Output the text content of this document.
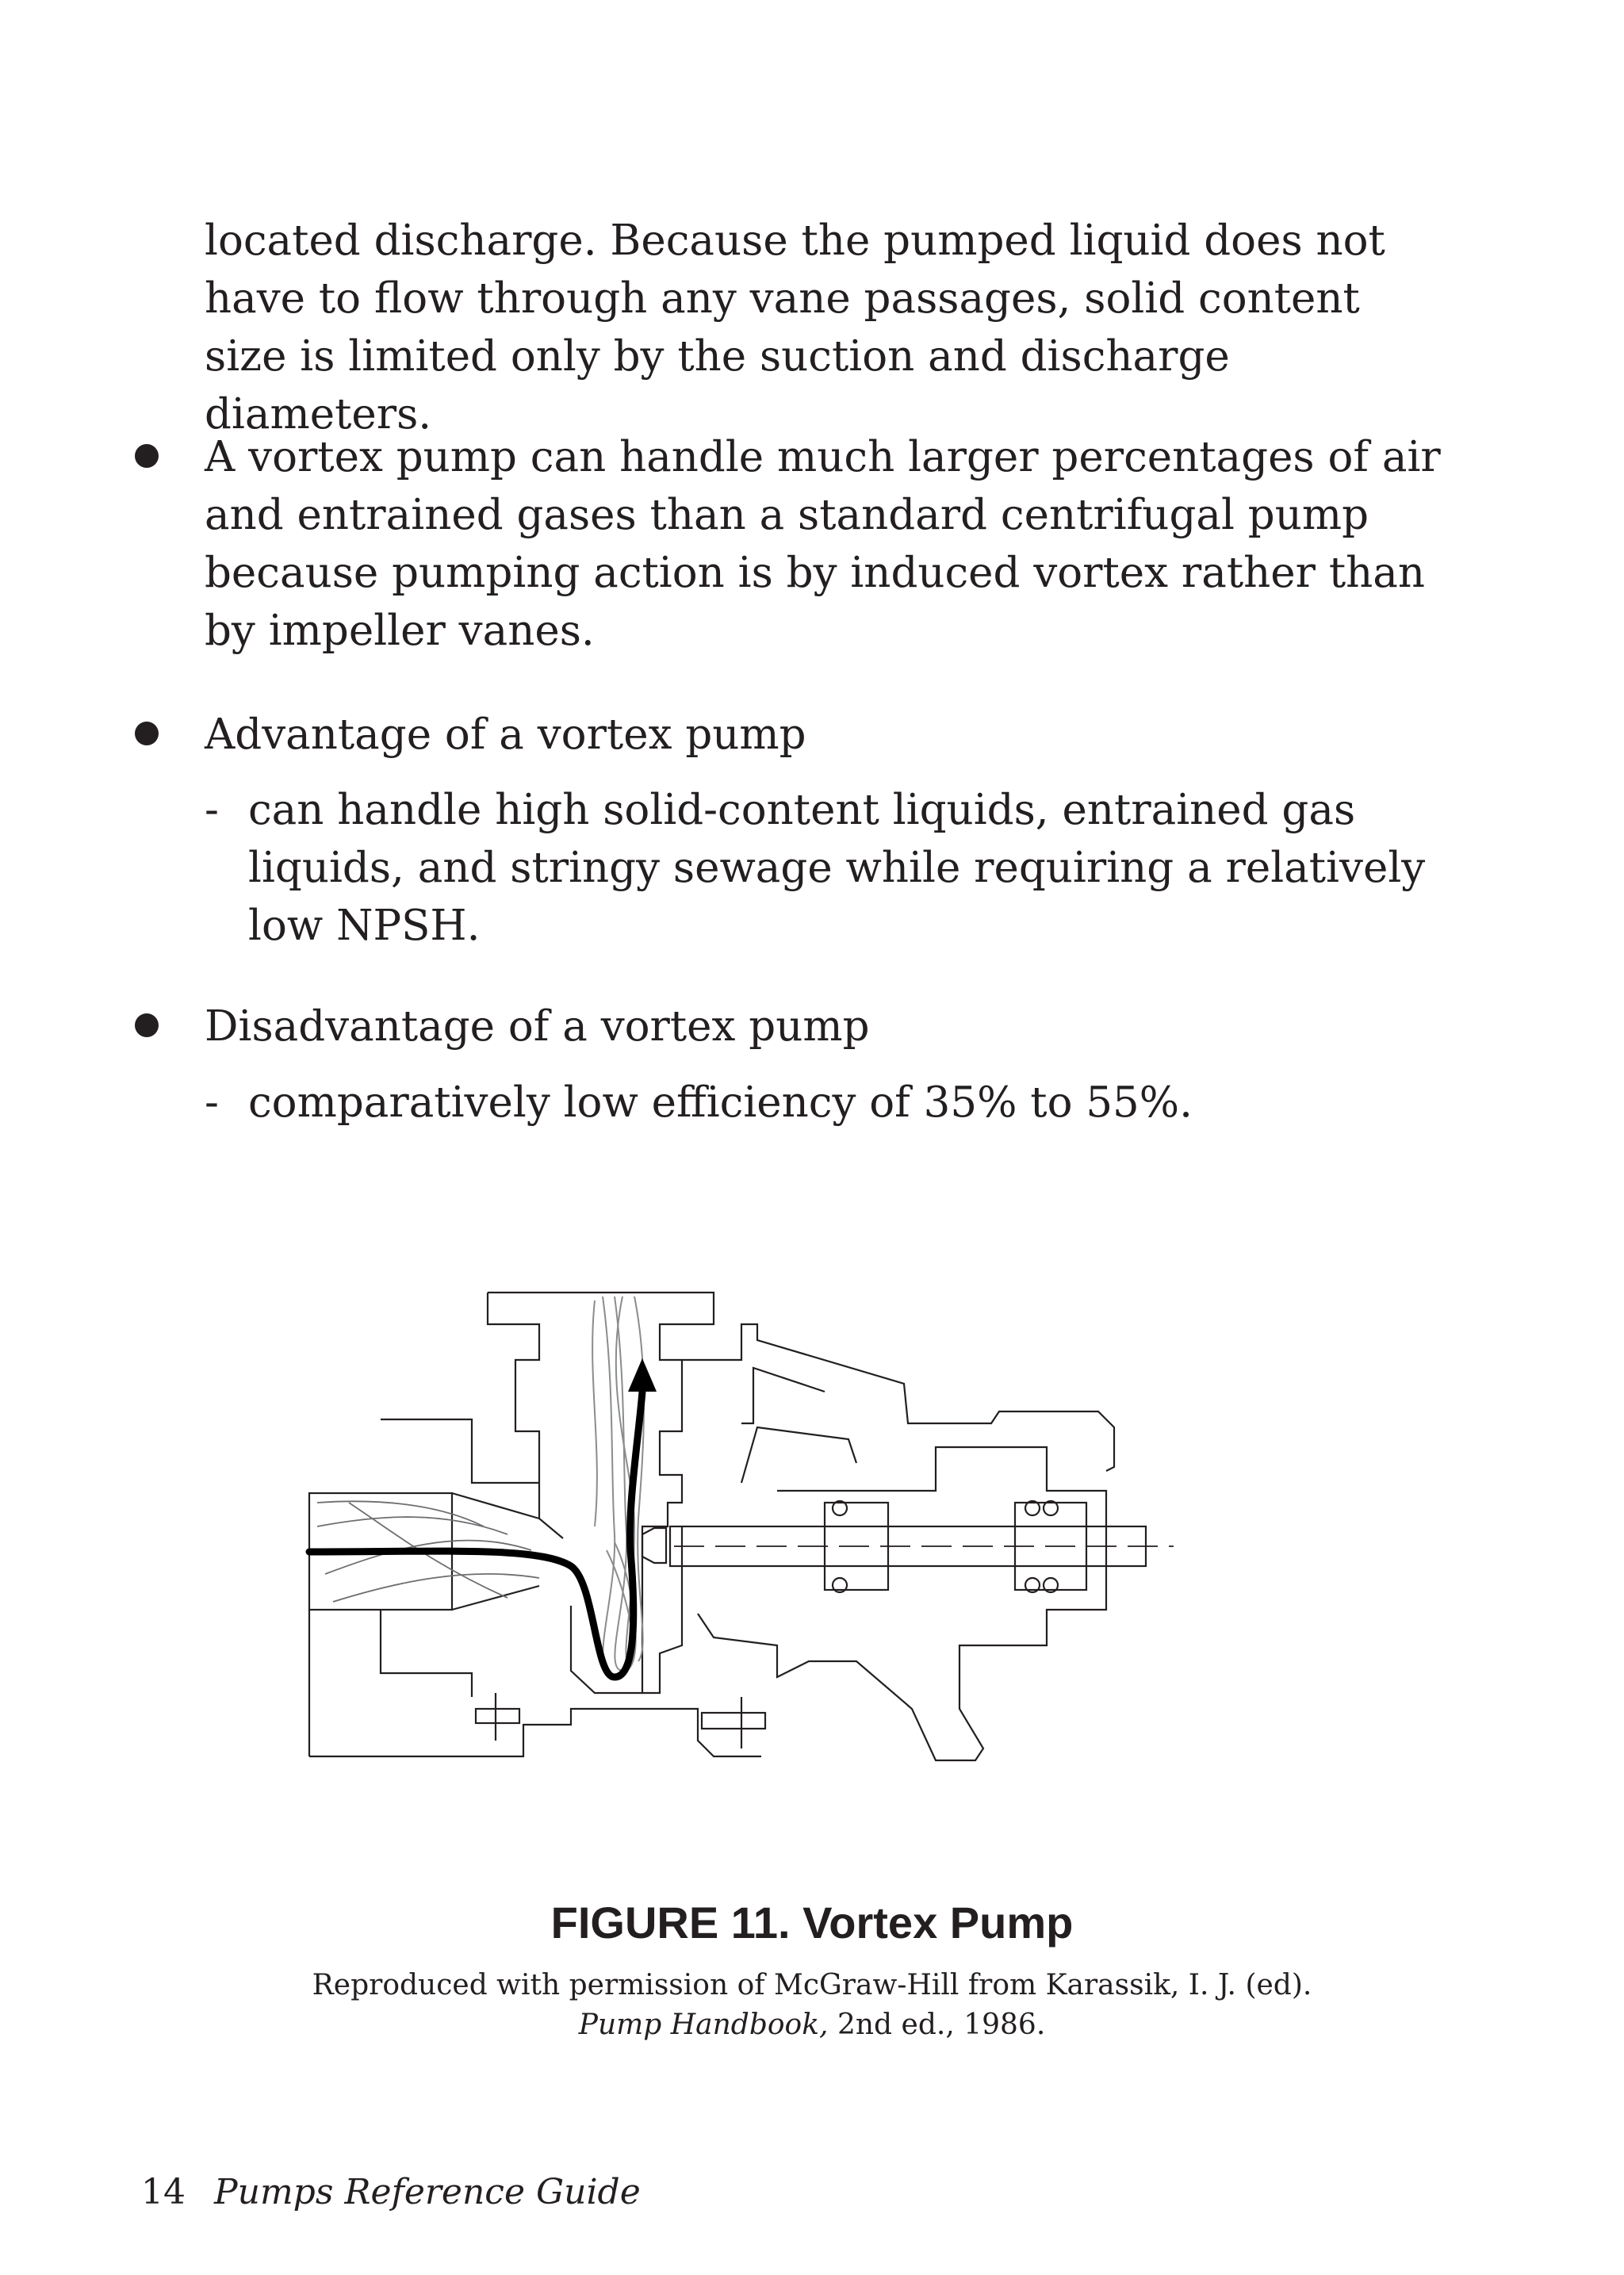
located discharge. Because the pumped liquid does not have to flow through any vane passages, solid content size is limited only by the suction and discharge diameters.

A vortex pump can handle much larger percentages of air and entrained gases than a standard centrifugal pump because pumping action is by induced vortex rather than by impeller vanes.

Advantage of a vortex pump

- can handle high solid-content liquids, entrained gas liquids, and stringy sewage while requiring a relatively low NPSH.

Disadvantage of a vortex pump

- comparatively low efficiency of 35% to 55%.

FIGURE 11. Vortex Pump

Reproduced with permission of McGraw-Hill from Karassik, I. J. (ed).

Pump Handbook, 2nd ed., 1986.

14 Pumps Reference Guide
